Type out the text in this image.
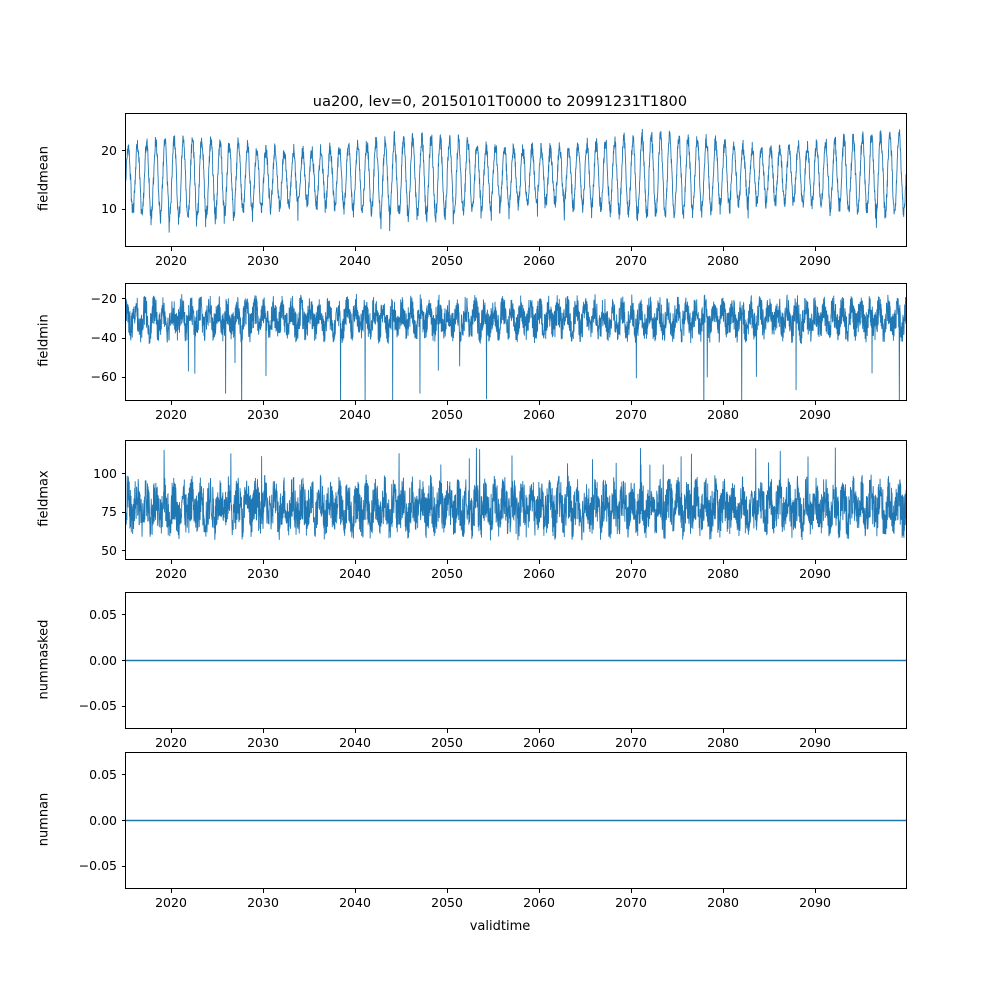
ua200, lev=0, 20150101T0000 to 20991231T1800
10
20
fieldmean
2020	2030	2040	2050	2060	2070	2080	2090
−60
−40
−20
fieldmin
2020	2030	2040	2050	2060	2070	2080	2090
50
75
100
fieldmax
2020	2030	2040	2050	2060	2070	2080	2090
−0.05
0.00
0.05
nummasked
2020	2030	2040	2050	2060	2070	2080	2090
−0.05
0.00
0.05
numnan
2020	2030	2040	2050	2060	2070	2080	2090
validtime
